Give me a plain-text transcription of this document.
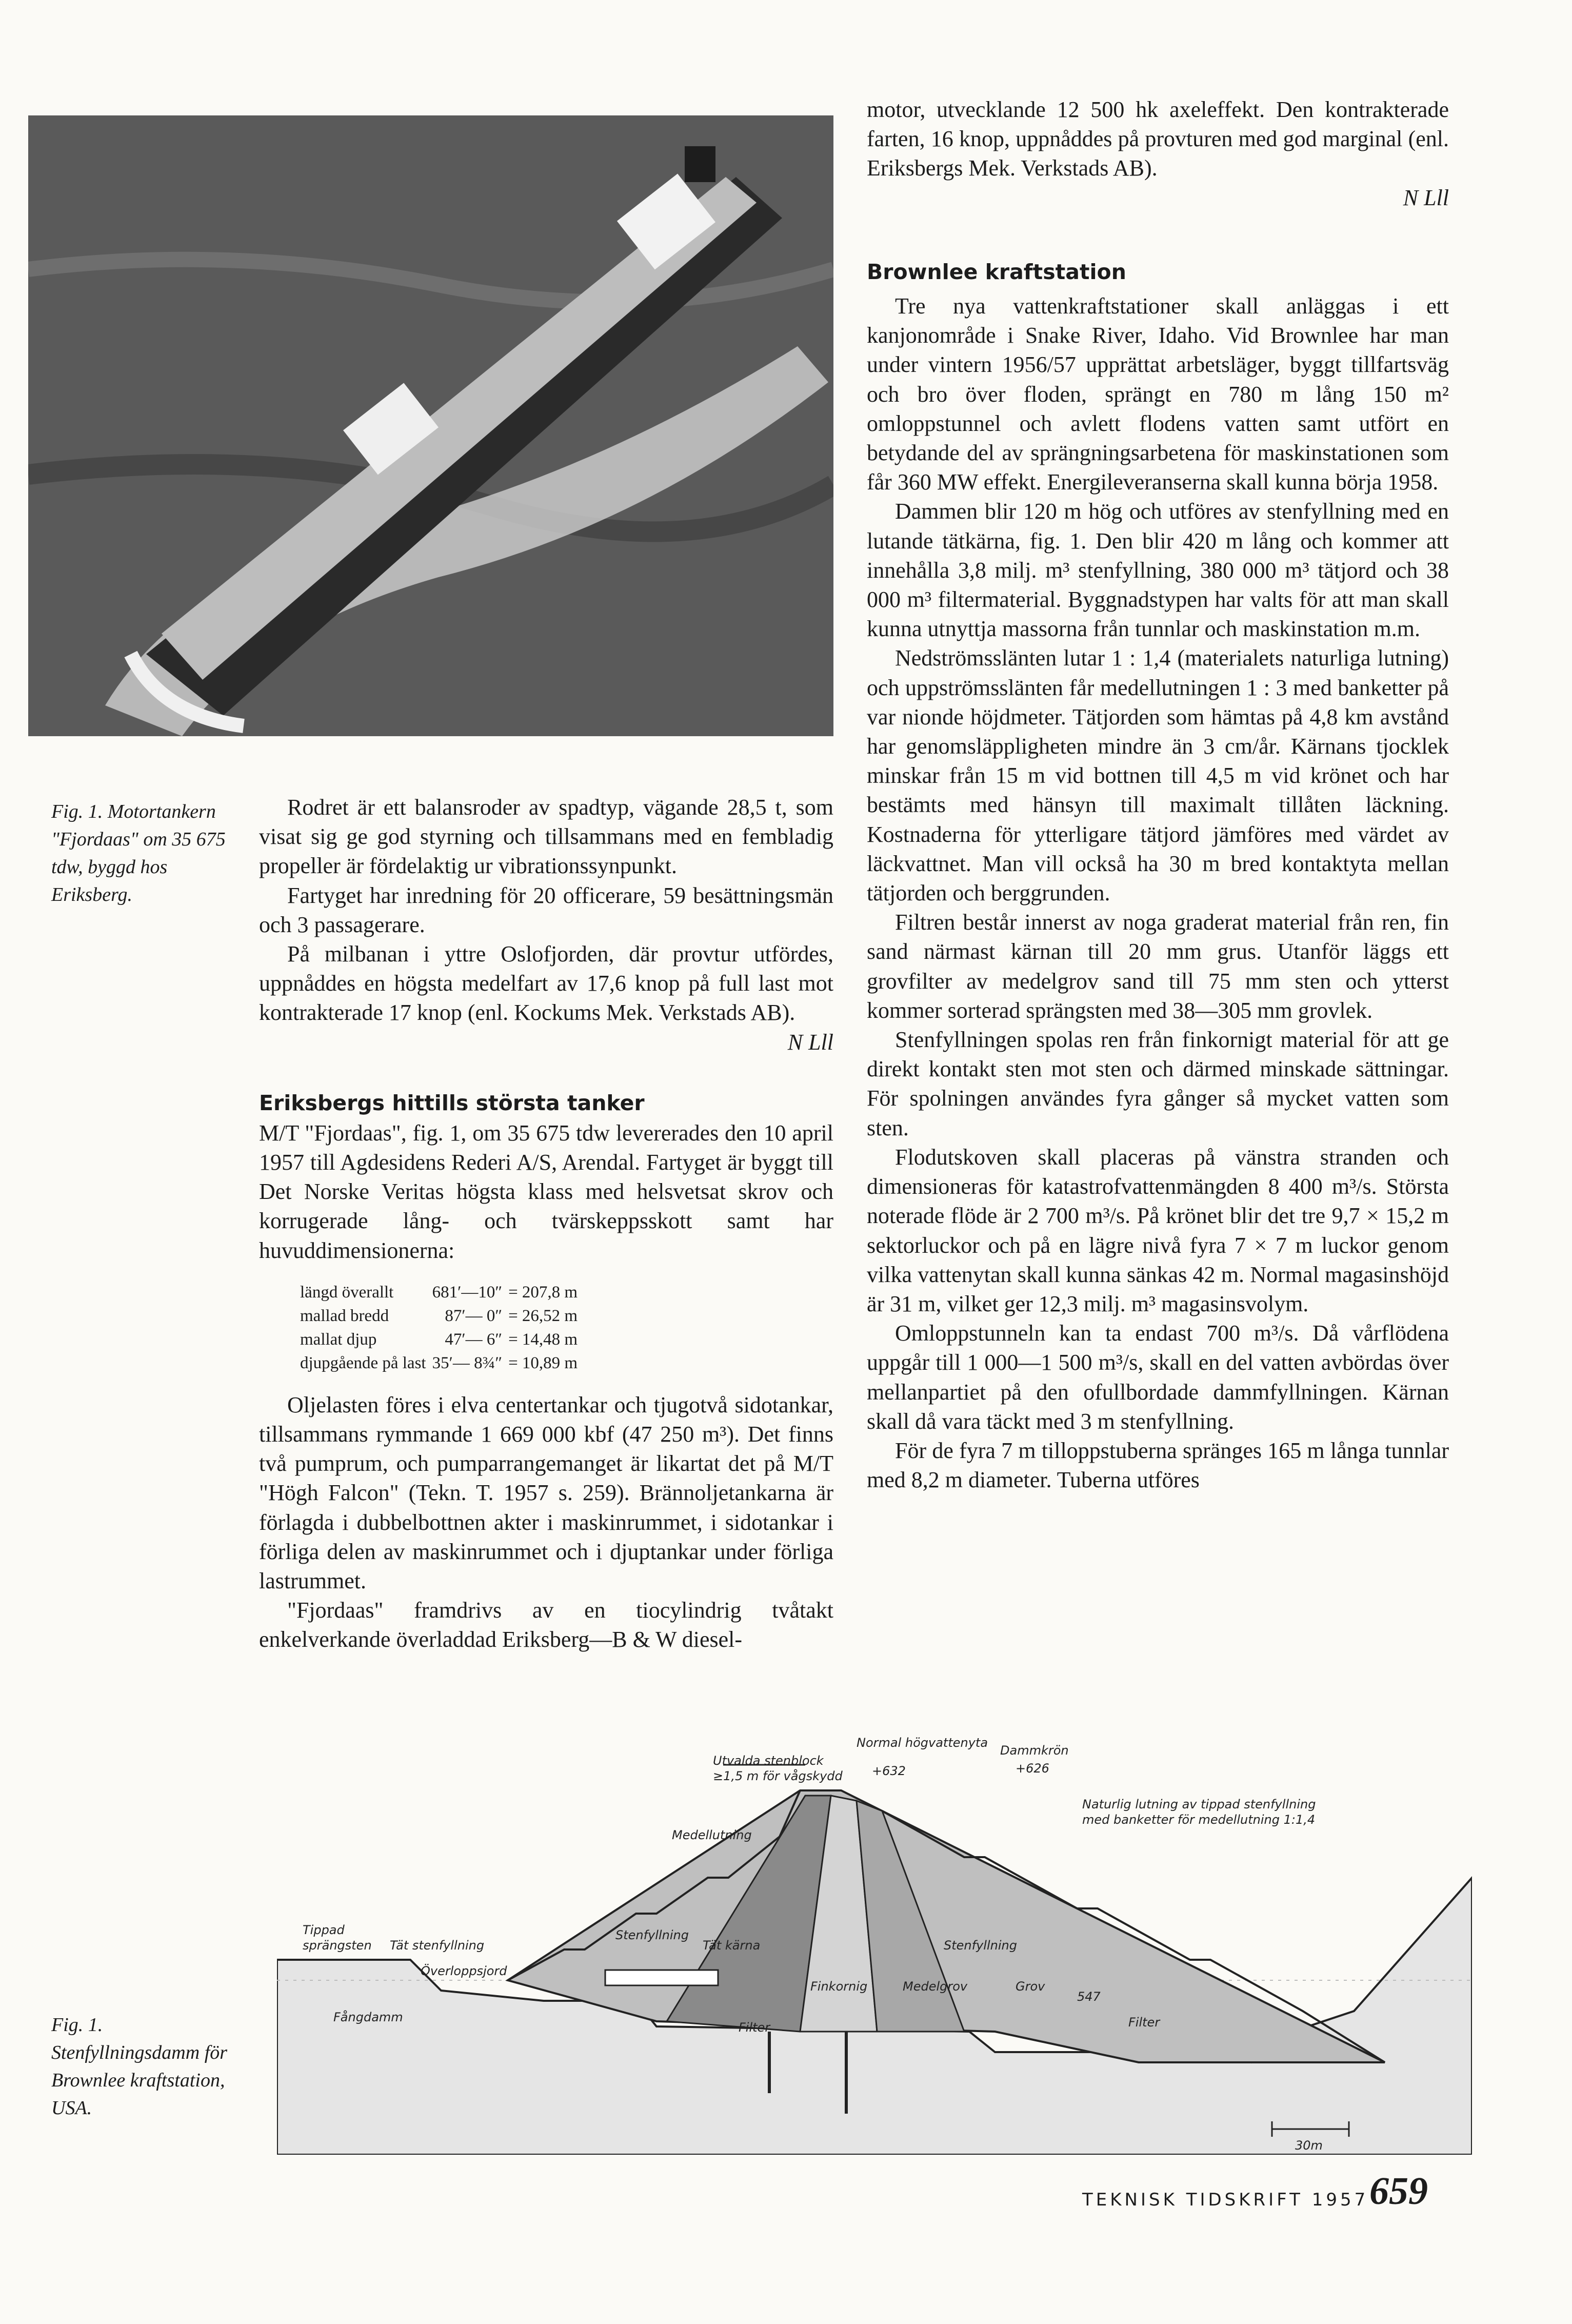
motor, utvecklande 12 500 hk axeleffekt. Den kontrakterade farten, 16 knop, uppnåddes på provturen med god marginal (enl. Eriksbergs Mek. Verkstads AB).

N Lll
Brownlee kraftstation

Tre nya vattenkraftstationer skall anläggas i ett kanjonområde i Snake River, Idaho. Vid Brownlee har man under vintern 1956/57 upprättat arbetsläger, byggt tillfartsväg och bro över floden, sprängt en 780 m lång 150 m² omloppstunnel och avlett flodens vatten samt utfört en betydande del av sprängningsarbetena för maskinstationen som får 360 MW effekt. Energileveranserna skall kunna börja 1958.

Dammen blir 120 m hög och utföres av stenfyllning med en lutande tätkärna, fig. 1. Den blir 420 m lång och kommer att innehålla 3,8 milj. m³ stenfyllning, 380 000 m³ tätjord och 38 000 m³ filtermaterial. Byggnadstypen har valts för att man skall kunna utnyttja massorna från tunnlar och maskinstation m.m.

Nedströmsslänten lutar 1 : 1,4 (materialets naturliga lutning) och uppströmsslänten får medellutningen 1 : 3 med banketter på var nionde höjdmeter. Tätjorden som hämtas på 4,8 km avstånd har genomsläppligheten mindre än 3 cm/år. Kärnans tjocklek minskar från 15 m vid bottnen till 4,5 m vid krönet och har bestämts med hänsyn till maximalt tillåten läckning. Kostnaderna för ytterligare tätjord jämföres med värdet av läckvattnet. Man vill också ha 30 m bred kontaktyta mellan tätjorden och berggrunden.

Filtren består innerst av noga graderat material från ren, fin sand närmast kärnan till 20 mm grus. Utanför läggs ett grovfilter av medelgrov sand till 75 mm sten och ytterst kommer sorterad sprängsten med 38—305 mm grovlek.

Stenfyllningen spolas ren från finkornigt material för att ge direkt kontakt sten mot sten och därmed minskade sättningar. För spolningen användes fyra gånger så mycket vatten som sten.

Flodutskoven skall placeras på vänstra stranden och dimensioneras för katastrofvattenmängden 8 400 m³/s. Största noterade flöde är 2 700 m³/s. På krönet blir det tre 9,7 × 15,2 m sektorluckor och på en lägre nivå fyra 7 × 7 m luckor genom vilka vattenytan skall kunna sänkas 42 m. Normal magasinshöjd är 31 m, vilket ger 12,3 milj. m³ magasinsvolym.

Omloppstunneln kan ta endast 700 m³/s. Då vårflödena uppgår till 1 000—1 500 m³/s, skall en del vatten avbördas över mellanpartiet på den ofullbordade dammfyllningen. Kärnan skall då vara täckt med 3 m stenfyllning.

För de fyra 7 m tilloppstuberna spränges 165 m långa tunnlar med 8,2 m diameter. Tuberna utföres

Fig. 1. Motortankern "Fjordaas" om 35 675 tdw, byggd hos Eriksberg.

Rodret är ett balansroder av spadtyp, vägande 28,5 t, som visat sig ge god styrning och tillsammans med en fembladig propeller är fördelaktig ur vibrationssynpunkt.

Fartyget har inredning för 20 officerare, 59 besättningsmän och 3 passagerare.

På milbanan i yttre Oslofjorden, där provtur utfördes, uppnåddes en högsta medelfart av 17,6 knop på full last mot kontrakterade 17 knop (enl. Kockums Mek. Verkstads AB).

N Lll
Eriksbergs hittills största tanker

M/T "Fjordaas", fig. 1, om 35 675 tdw levererades den 10 april 1957 till Agdesidens Rederi A/S, Arendal. Fartyget är byggt till Det Norske Veritas högsta klass med helsvetsat skrov och korrugerade lång- och tvärskeppsskott samt har huvuddimensionerna:

längd överallt	681′—10″	= 207,8 m
mallad bredd	87′— 0″	= 26,52 m
mallat djup	47′— 6″	= 14,48 m
djupgående på last	35′— 8¾″	= 10,89 m

Oljelasten föres i elva centertankar och tjugotvå sidotankar, tillsammans rymmande 1 669 000 kbf (47 250 m³). Det finns två pumprum, och pumparrangemanget är likartat det på M/T "Högh Falcon" (Tekn. T. 1957 s. 259). Brännoljetankarna är förlagda i dubbelbottnen akter i maskinrummet, i sidotankar i förliga delen av maskinrummet och i djuptankar under förliga lastrummet.

"Fjordaas" framdrivs av en tiocylindrig tvåtakt enkelverkande överladdad Eriksberg—B & W diesel-

Normal högvattenyta
+632
Dammkrön
+626
Utvalda stenblock
≥1,5 m för vågskydd
Medellutning
Naturlig lutning av tippad stenfyllning
med banketter för medellutning 1:1,4
Tippad
sprängsten Tät stenfyllning
Överloppsjord
Fångdamm
Stenfyllning
Tät kärna
Finkornig	Medelgrov	Grov
Stenfyllning
547
Filter	Filter
30m
Fig. 1. Stenfyllningsdamm för Brownlee kraftstation, USA.
TEKNISK TIDSKRIFT 1957 659
